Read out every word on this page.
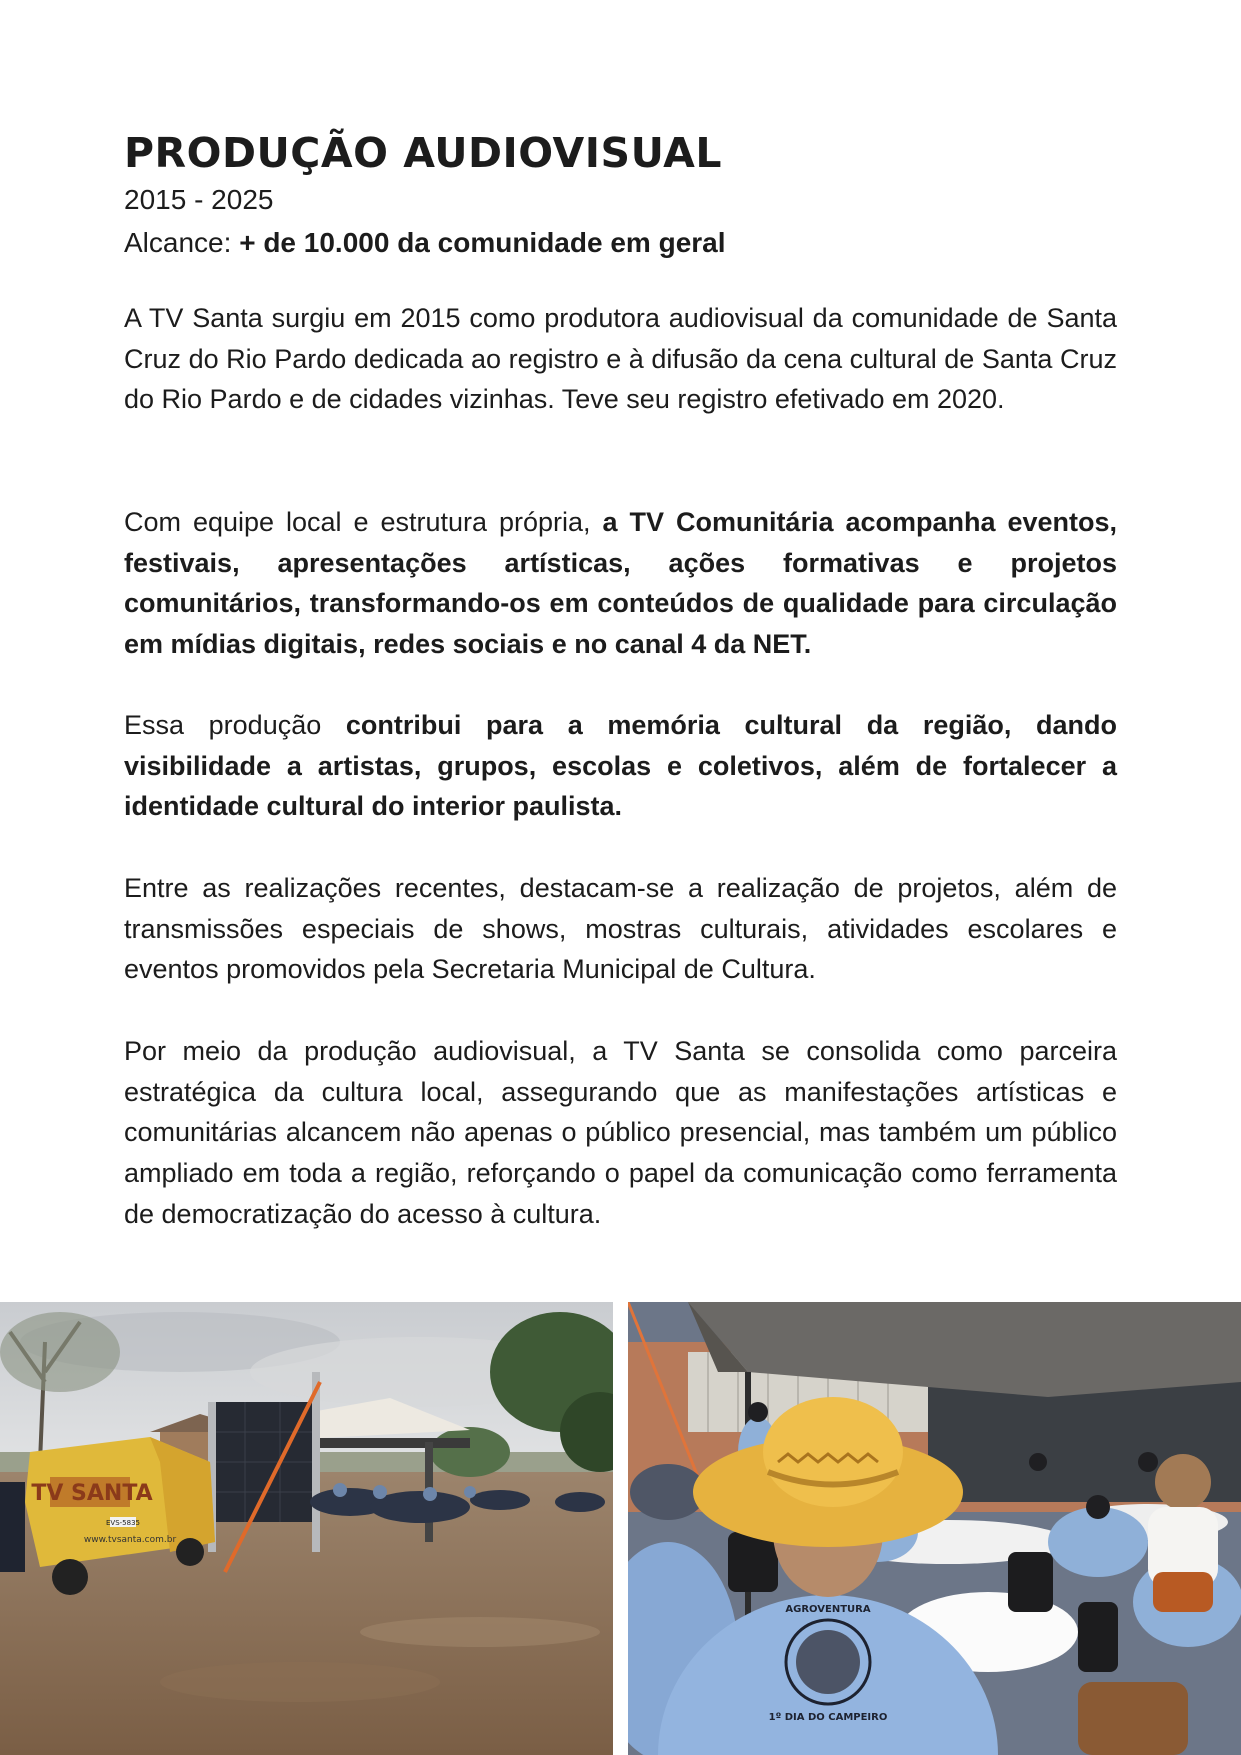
PRODUÇÃO AUDIOVISUAL
2015 - 2025
Alcance: + de 10.000 da comunidade em geral

A TV Santa surgiu em 2015 como produtora audiovisual da comunidade de Santa Cruz do Rio Pardo dedicada ao registro e à difusão da cena cultural de Santa Cruz do Rio Pardo e de cidades vizinhas. Teve seu registro efetivado em 2020.

Com equipe local e estrutura própria, a TV Comunitária acompanha eventos, festivais, apresentações artísticas, ações formativas e projetos comunitários, transformando-os em conteúdos de qualidade para circulação em mídias digitais, redes sociais e no canal 4 da NET.

Essa produção contribui para a memória cultural da região, dando visibilidade a artistas, grupos, escolas e coletivos, além de fortalecer a identidade cultural do interior paulista.

Entre as realizações recentes, destacam-se a realização de projetos, além de transmissões especiais de shows, mostras culturais, atividades escolares e eventos promovidos pela Secretaria Municipal de Cultura.

Por meio da produção audiovisual, a TV Santa se consolida como parceira estratégica da cultura local, assegurando que as manifestações artísticas e comunitárias alcancem não apenas o público presencial, mas também um público ampliado em toda a região, reforçando o papel da comunicação como ferramenta de democratização do acesso à cultura.

TV SANTA
EVS-5835
www.tvsanta.com.br
AGROVENTURA
1º DIA DO CAMPEIRO
